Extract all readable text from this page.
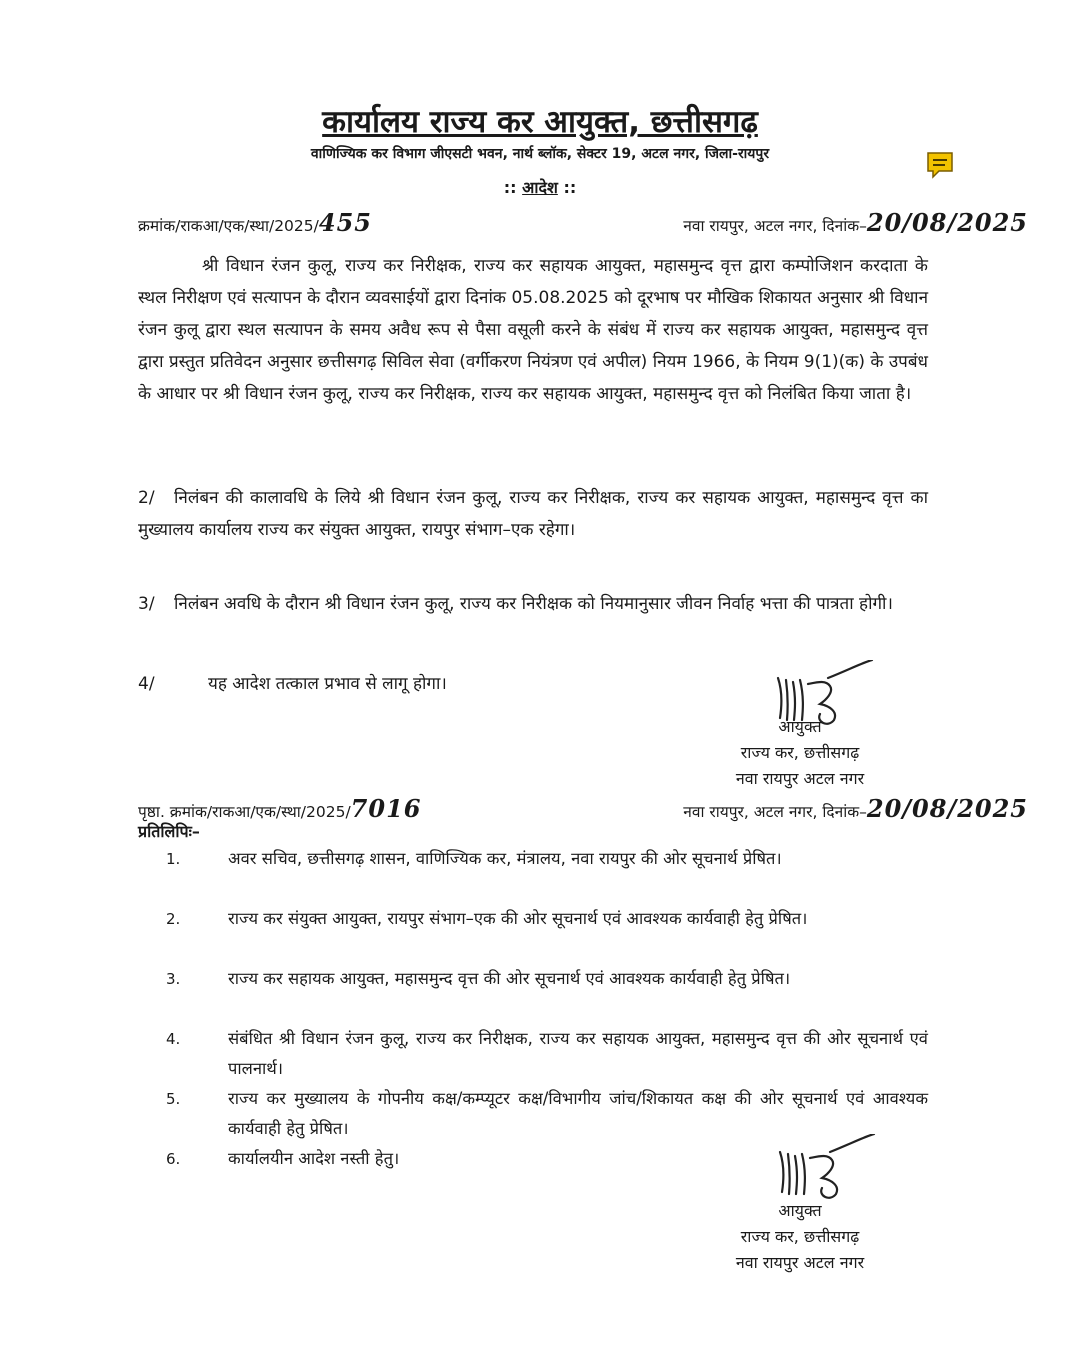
कार्यालय राज्य कर आयुक्त, छत्तीसगढ़
वाणिज्यिक कर विभाग जीएसटी भवन, नार्थ ब्लॉक, सेक्टर 19, अटल नगर, जिला-रायपुर
:: आदेश ::
क्रमांक/राकआ/एक/स्था/2025/455	नवा रायपुर, अटल नगर, दिनांक–20/08/2025
श्री विधान रंजन कुलू, राज्य कर निरीक्षक, राज्य कर सहायक आयुक्त, महासमुन्द वृत्त द्वारा कम्पोजिशन करदाता के स्थल निरीक्षण एवं सत्यापन के दौरान व्यवसाईयों द्वारा दिनांक 05.08.2025 को दूरभाष पर मौखिक शिकायत अनुसार श्री विधान रंजन कुलू द्वारा स्थल सत्यापन के समय अवैध रूप से पैसा वसूली करने के संबंध में राज्य कर सहायक आयुक्त, महासमुन्द वृत्त द्वारा प्रस्तुत प्रतिवेदन अनुसार छत्तीसगढ़ सिविल सेवा (वर्गीकरण नियंत्रण एवं अपील) नियम 1966, के नियम 9(1)(क) के उपबंध के आधार पर श्री विधान रंजन कुलू, राज्य कर निरीक्षक, राज्य कर सहायक आयुक्त, महासमुन्द वृत्त को निलंबित किया जाता है।
2/ निलंबन की कालावधि के लिये श्री विधान रंजन कुलू, राज्य कर निरीक्षक, राज्य कर सहायक आयुक्त, महासमुन्द वृत्त का मुख्यालय कार्यालय राज्य कर संयुक्त आयुक्त, रायपुर संभाग–एक रहेगा।
3/ निलंबन अवधि के दौरान श्री विधान रंजन कुलू, राज्य कर निरीक्षक को नियमानुसार जीवन निर्वाह भत्ता की पात्रता होगी।
4/	यह आदेश तत्काल प्रभाव से लागू होगा।
आयुक्त
राज्य कर, छत्तीसगढ़
नवा रायपुर अटल नगर
पृष्ठा. क्रमांक/राकआ/एक/स्था/2025/7016	नवा रायपुर, अटल नगर, दिनांक–20/08/2025
प्रतिलिपिः–
1.	अवर सचिव, छत्तीसगढ़ शासन, वाणिज्यिक कर, मंत्रालय, नवा रायपुर की ओर सूचनार्थ प्रेषित।
2.	राज्य कर संयुक्त आयुक्त, रायपुर संभाग–एक की ओर सूचनार्थ एवं आवश्यक कार्यवाही हेतु प्रेषित।
3.	राज्य कर सहायक आयुक्त, महासमुन्द वृत्त की ओर सूचनार्थ एवं आवश्यक कार्यवाही हेतु प्रेषित।
4.	संबंधित श्री विधान रंजन कुलू, राज्य कर निरीक्षक, राज्य कर सहायक आयुक्त, महासमुन्द वृत्त की ओर सूचनार्थ एवं पालनार्थ।
5.	राज्य कर मुख्यालय के गोपनीय कक्ष/कम्प्यूटर कक्ष/विभागीय जांच/शिकायत कक्ष की ओर सूचनार्थ एवं आवश्यक कार्यवाही हेतु प्रेषित।
6.	कार्यालयीन आदेश नस्ती हेतु।
आयुक्त
राज्य कर, छत्तीसगढ़
नवा रायपुर अटल नगर
